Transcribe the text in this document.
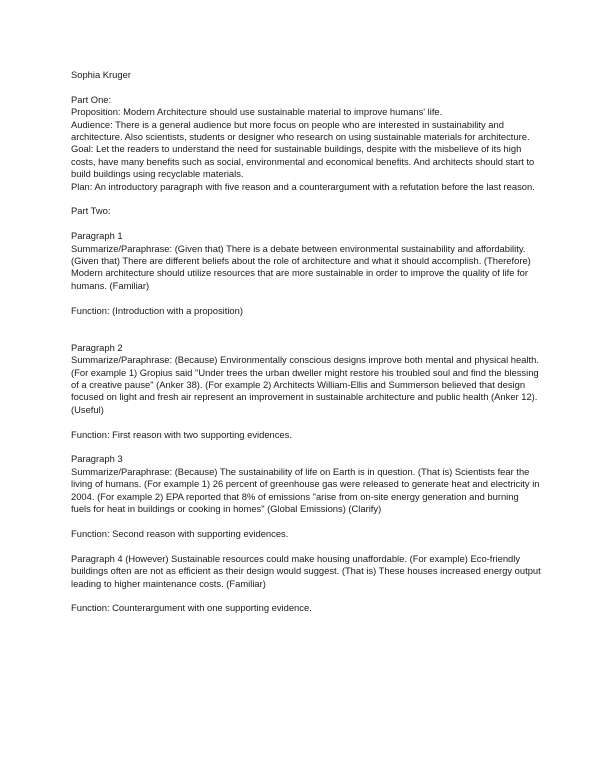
Sophia Kruger

Part One:

Proposition: Modern Architecture should use sustainable material to improve humans' life.

Audience: There is a general audience but more focus on people who are interested in sustainability and architecture. Also scientists, students or designer who research on using sustainable materials for architecture.

Goal: Let the readers to understand the need for sustainable buildings, despite with the misbelieve of its high costs, have many benefits such as social, environmental and economical benefits. And architects should start to build buildings using recyclable materials.

Plan: An introductory paragraph with five reason and a counterargument with a refutation before the last reason.

Part Two:

Paragraph 1

Summarize/Paraphrase: (Given that) There is a debate between environmental sustainability and affordability. (Given that) There are different beliefs about the role of architecture and what it should accomplish. (Therefore) Modern architecture should utilize resources that are more sustainable in order to improve the quality of life for humans. (Familiar)

Function: (Introduction with a proposition)

Paragraph 2

Summarize/Paraphrase: (Because) Environmentally conscious designs improve both mental and physical health. (For example 1) Gropius said "Under trees the urban dweller might restore his troubled soul and find the blessing of a creative pause" (Anker 38). (For example 2) Architects William-Ellis and Summerson believed that design focused on light and fresh air represent an improvement in sustainable architecture and public health (Anker 12). (Useful)

Function: First reason with two supporting evidences.

Paragraph 3

Summarize/Paraphrase: (Because) The sustainability of life on Earth is in question. (That is) Scientists fear the living of humans. (For example 1) 26 percent of greenhouse gas were released to generate heat and electricity in 2004. (For example 2) EPA reported that 8% of emissions "arise from on-site energy generation and burning fuels for heat in buildings or cooking in homes" (Global Emissions) (Clarify)

Function: Second reason with supporting evidences.

Paragraph 4 (However) Sustainable resources could make housing unaffordable. (For example) Eco-friendly buildings often are not as efficient as their design would suggest. (That is) These houses increased energy output leading to higher maintenance costs. (Familiar)

Function: Counterargument with one supporting evidence.
